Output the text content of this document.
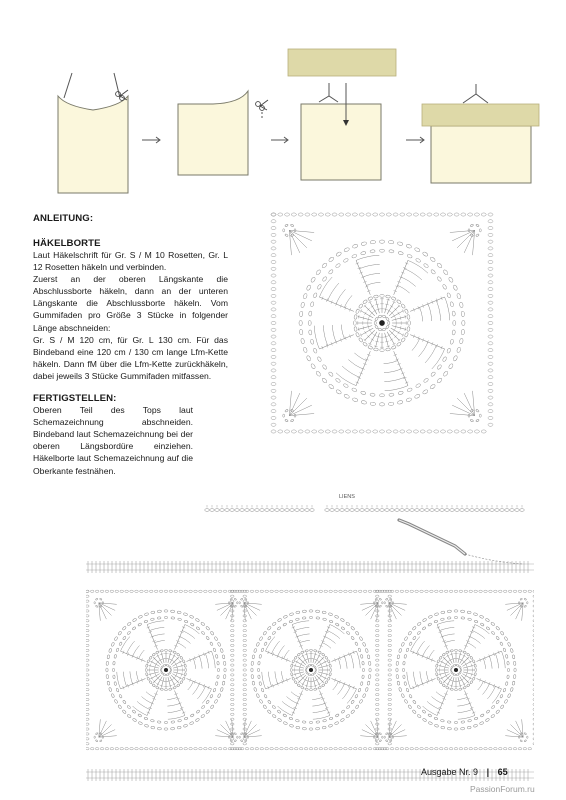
ANLEITUNG:
HÄKELBORTE

Laut Häkelschrift für Gr. S / M 10 Rosetten, Gr. L 12 Rosetten häkeln und verbinden.
Zuerst an der oberen Längskante die Abschlussborte häkeln, dann an der unteren Längskante die Abschlussborte häkeln. Vom Gummifaden pro Größe 3 Stücke in folgender Länge abschneiden:
Gr. S / M 120 cm, für Gr. L 130 cm. Für das Bindeband eine 120 cm / 130 cm lange Lfm-Kette häkeln. Dann fM über die Lfm-Kette zurückhäkeln, dabei jeweils 3 Stücke Gummifaden mitfassen.

FERTIGSTELLEN:

Oberen Teil des Tops laut Schemazeichnung abschneiden. Bindeband laut Schemazeichnung bei der oberen Längsbordüre einziehen. Häkelborte laut Schemazeichnung auf die Oberkante festnähen.

LIENS
Ausgabe Nr. 9 | 65
PassionForum.ru
